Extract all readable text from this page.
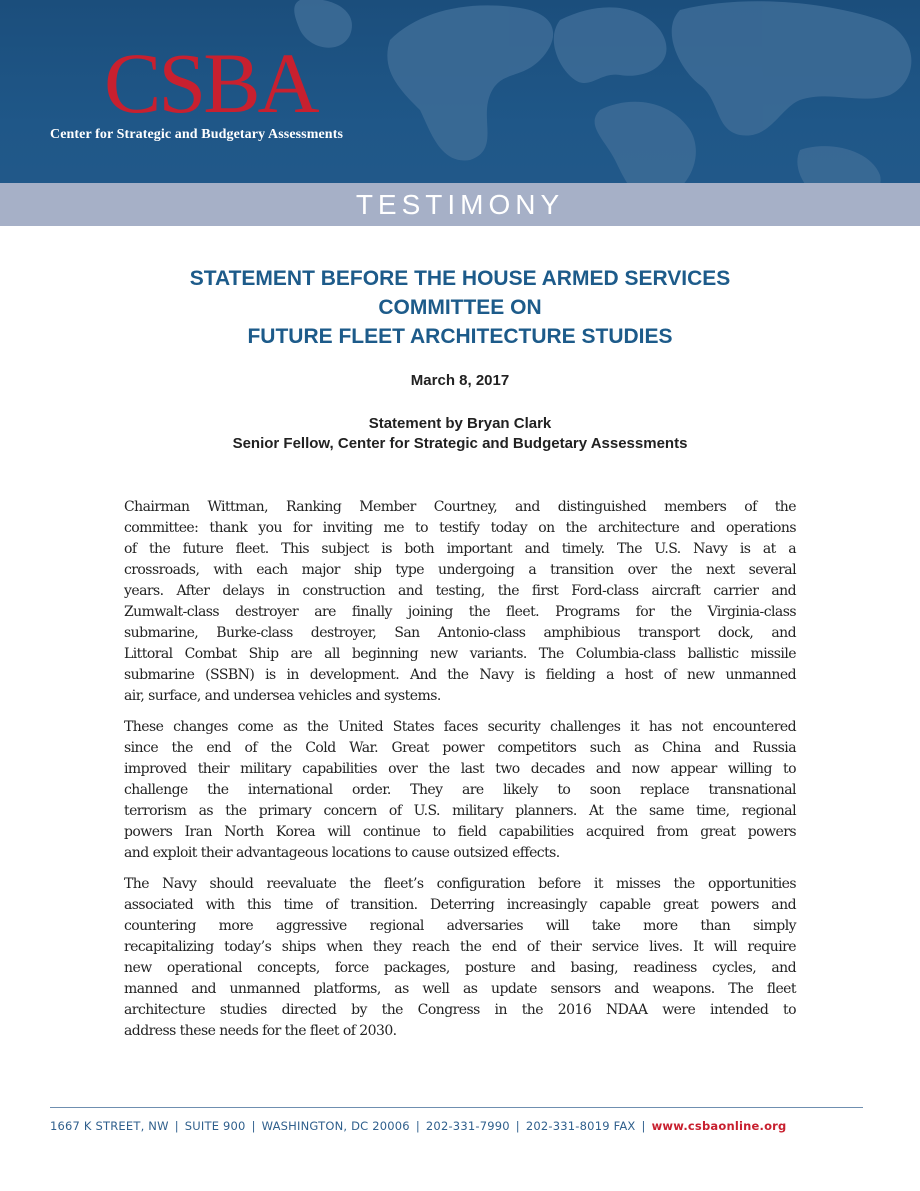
CSBA
Center for Strategic and Budgetary Assessments
TESTIMONY
STATEMENT BEFORE THE HOUSE ARMED SERVICES
COMMITTEE ON
FUTURE FLEET ARCHITECTURE STUDIES
March 8, 2017
Statement by Bryan Clark
Senior Fellow, Center for Strategic and Budgetary Assessments

Chairman Wittman, Ranking Member Courtney, and distinguished members of the
committee: thank you for inviting me to testify today on the architecture and operations
of the future fleet. This subject is both important and timely. The U.S. Navy is at a
crossroads, with each major ship type undergoing a transition over the next several
years. After delays in construction and testing, the first Ford-class aircraft carrier and
Zumwalt-class destroyer are finally joining the fleet. Programs for the Virginia-class
submarine, Burke-class destroyer, San Antonio-class amphibious transport dock, and
Littoral Combat Ship are all beginning new variants. The Columbia-class ballistic missile
submarine (SSBN) is in development. And the Navy is fielding a host of new unmanned
air, surface, and undersea vehicles and systems.

These changes come as the United States faces security challenges it has not encountered
since the end of the Cold War. Great power competitors such as China and Russia
improved their military capabilities over the last two decades and now appear willing to
challenge the international order. They are likely to soon replace transnational
terrorism as the primary concern of U.S. military planners. At the same time, regional
powers Iran North Korea will continue to field capabilities acquired from great powers
and exploit their advantageous locations to cause outsized effects.

The Navy should reevaluate the fleet’s configuration before it misses the opportunities
associated with this time of transition. Deterring increasingly capable great powers and
countering more aggressive regional adversaries will take more than simply
recapitalizing today’s ships when they reach the end of their service lives. It will require
new operational concepts, force packages, posture and basing, readiness cycles, and
manned and unmanned platforms, as well as update sensors and weapons. The fleet
architecture studies directed by the Congress in the 2016 NDAA were intended to
address these needs for the fleet of 2030.

1667 K STREET, NW | SUITE 900 | WASHINGTON, DC 20006 | 202-331-7990 | 202-331-8019 FAX | www.csbaonline.org
